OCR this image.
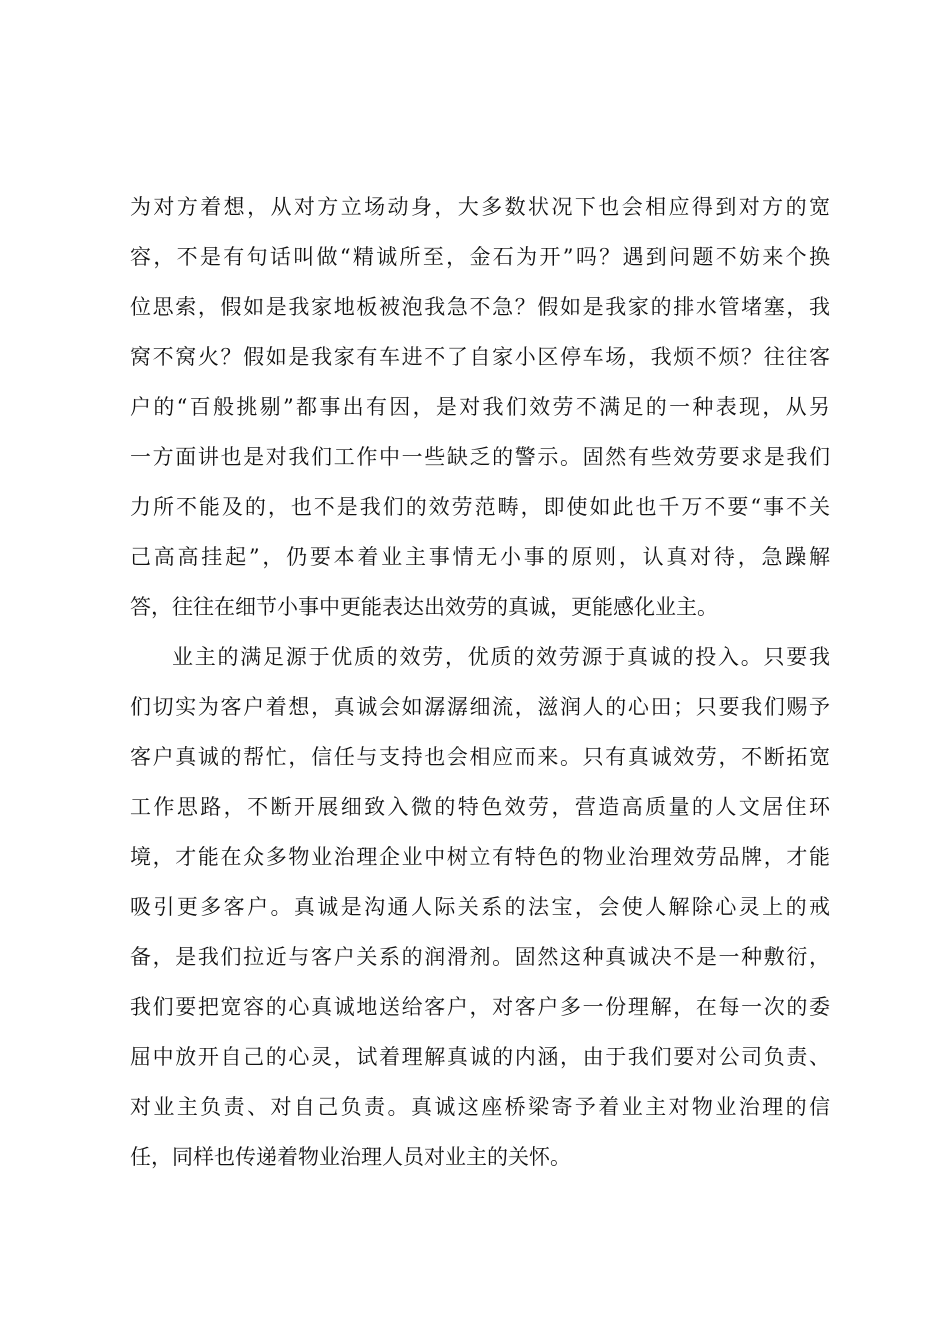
为对方着想，从对方立场动身，大多数状况下也会相应得到对方的宽
容，不是有句话叫做“精诚所至，金石为开”吗？遇到问题不妨来个换
位思索，假如是我家地板被泡我急不急？假如是我家的排水管堵塞，我
窝不窝火？假如是我家有车进不了自家小区停车场，我烦不烦？往往客
户的“百般挑剔”都事出有因，是对我们效劳不满足的一种表现，从另
一方面讲也是对我们工作中一些缺乏的警示。固然有些效劳要求是我们
力所不能及的，也不是我们的效劳范畴，即使如此也千万不要“事不关
己高高挂起”，仍要本着业主事情无小事的原则，认真对待，急躁解
答，往往在细节小事中更能表达出效劳的真诚，更能感化业主。
业主的满足源于优质的效劳，优质的效劳源于真诚的投入。只要我
们切实为客户着想，真诚会如潺潺细流，滋润人的心田；只要我们赐予
客户真诚的帮忙，信任与支持也会相应而来。只有真诚效劳，不断拓宽
工作思路，不断开展细致入微的特色效劳，营造高质量的人文居住环
境，才能在众多物业治理企业中树立有特色的物业治理效劳品牌，才能
吸引更多客户。真诚是沟通人际关系的法宝，会使人解除心灵上的戒
备，是我们拉近与客户关系的润滑剂。固然这种真诚决不是一种敷衍，
我们要把宽容的心真诚地送给客户，对客户多一份理解，在每一次的委
屈中放开自己的心灵，试着理解真诚的内涵，由于我们要对公司负责、
对业主负责、对自己负责。真诚这座桥梁寄予着业主对物业治理的信
任，同样也传递着物业治理人员对业主的关怀。
